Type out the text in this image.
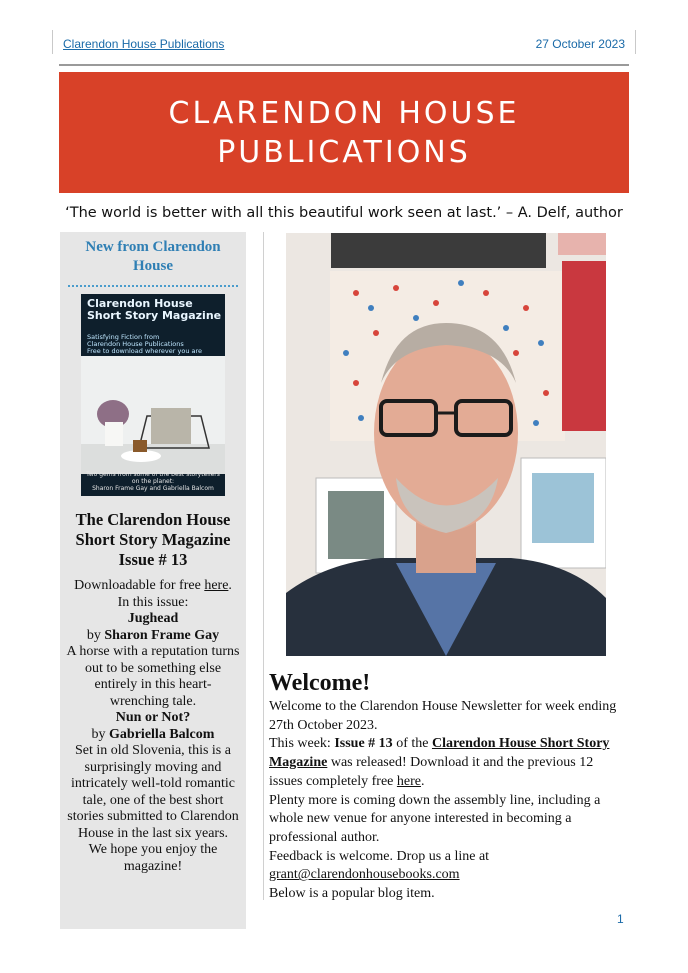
Clarendon House Publications	27 October 2023
CLARENDON HOUSE
PUBLICATIONS
‘The world is better with all this beautiful work seen at last.’ – A. Delf, author
New from Clarendon House
Clarendon House
Short Story Magazine
Satisfying Fiction from
Clarendon House Publications
Free to download wherever you are
Two gems from some of the best storytellers on the planet:
Sharon Frame Gay and Gabriella Balcom
The Clarendon House
Short Story Magazine
Issue # 13
Downloadable for free here.
In this issue:
Jughead
by Sharon Frame Gay
A horse with a reputation turns out to be something else entirely in this heart-wrenching tale.
Nun or Not?
by Gabriella Balcom
Set in old Slovenia, this is a surprisingly moving and intricately well-told romantic tale, one of the best short stories submitted to Clarendon House in the last six years.
We hope you enjoy the magazine!
Welcome!
Welcome to the Clarendon House Newsletter for week ending 27th October 2023.
This week: Issue # 13 of the Clarendon House Short Story Magazine was released! Download it and the previous 12 issues completely free here.
Plenty more is coming down the assembly line, including a whole new venue for anyone interested in becoming a professional author.
Feedback is welcome. Drop us a line at
grant@clarendonhousebooks.com
Below is a popular blog item.
1
